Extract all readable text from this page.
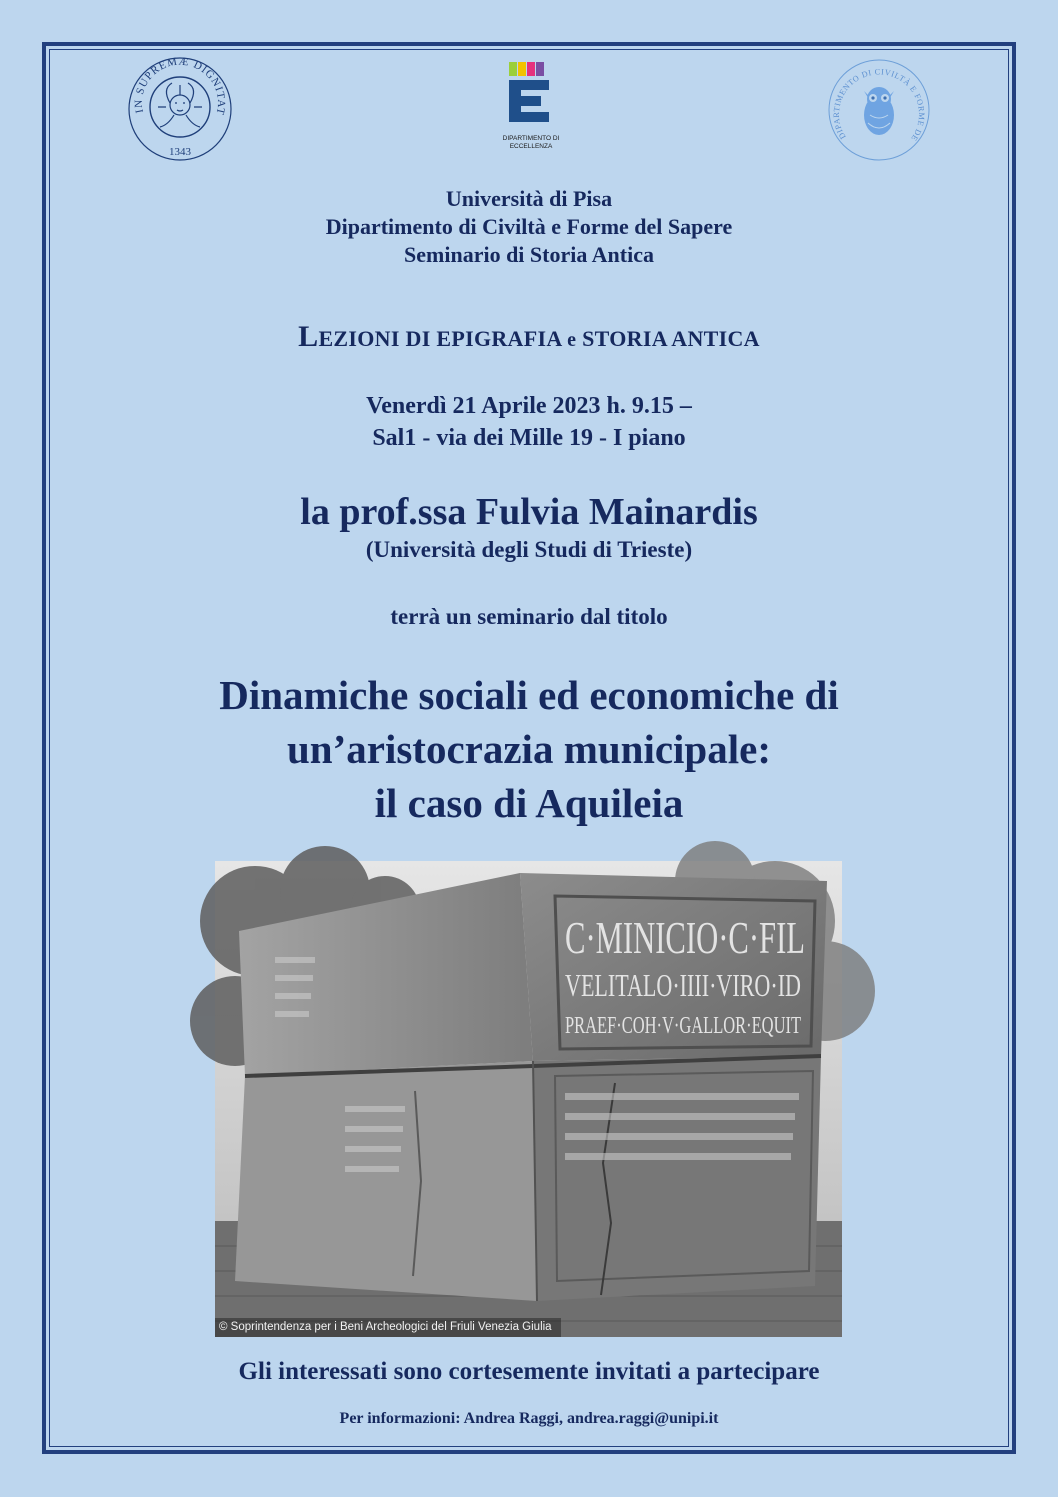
IN SUPREMÆ DIGNITAT
1343
DIPARTIMENTO DI
ECCELLENZA
DIPARTIMENTO DI CIVILTÀ E FORME DE
Università di Pisa
Dipartimento di Civiltà e Forme del Sapere
Seminario di Storia Antica
LEZIONI DI EPIGRAFIA e STORIA ANTICA
Venerdì 21 Aprile 2023 h. 9.15 –
Sal1 - via dei Mille 19 - I piano
la prof.ssa Fulvia Mainardis
(Università degli Studi di Trieste)
terrà un seminario dal titolo
Dinamiche sociali ed economiche di
un’aristocrazia municipale:
il caso di Aquileia
C·MINICIO·C·FIL
VELITALO·IIII·VIRO·ID
PRAEF·COH·V·GALLOR·EQUIT
© Soprintendenza per i Beni Archeologici del Friuli Venezia Giulia
Gli interessati sono cortesemente invitati a partecipare
Per informazioni: Andrea Raggi, andrea.raggi@unipi.it
